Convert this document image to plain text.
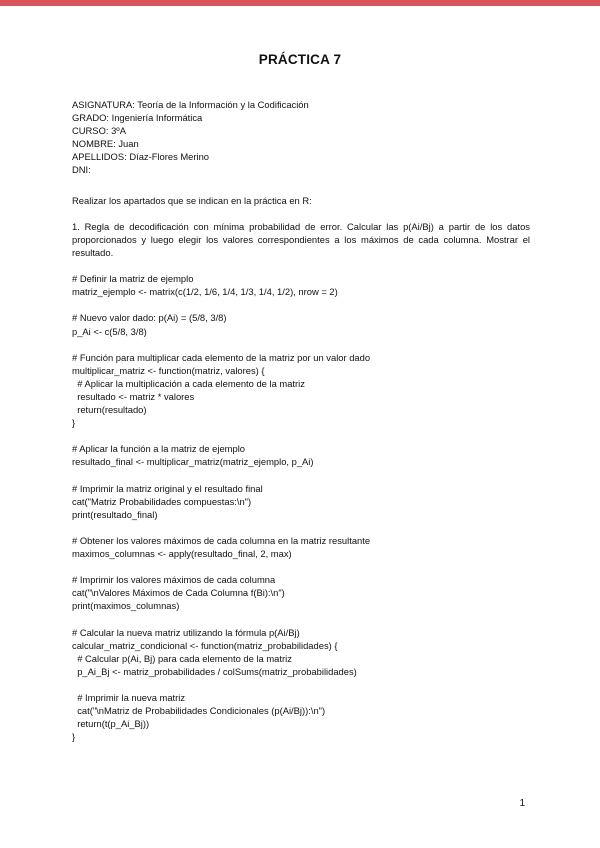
PRÁCTICA 7

ASIGNATURA: Teoría de la Información y la Codificación

GRADO: Ingeniería Informática

CURSO: 3ºA

NOMBRE: Juan

APELLIDOS: Díaz-Flores Merino

DNI:

Realizar los apartados que se indican en la práctica en R:

1. Regla de decodificación con mínima probabilidad de error. Calcular las p(Ai/Bj) a partir de los datos proporcionados y luego elegir los valores correspondientes a los máximos de cada columna. Mostrar el resultado.

# Definir la matriz de ejemplo

matriz_ejemplo <- matrix(c(1/2, 1/6, 1/4, 1/3, 1/4, 1/2), nrow = 2)

# Nuevo valor dado: p(Ai) = (5/8, 3/8)

p_Ai <- c(5/8, 3/8)

# Función para multiplicar cada elemento de la matriz por un valor dado

multiplicar_matriz <- function(matriz, valores) {

# Aplicar la multiplicación a cada elemento de la matriz

resultado <- matriz * valores

return(resultado)

}

# Aplicar la función a la matriz de ejemplo

resultado_final <- multiplicar_matriz(matriz_ejemplo, p_Ai)

# Imprimir la matriz original y el resultado final

cat("Matriz Probabilidades compuestas:\n")

print(resultado_final)

# Obtener los valores máximos de cada columna en la matriz resultante

maximos_columnas <- apply(resultado_final, 2, max)

# Imprimir los valores máximos de cada columna

cat("\nValores Máximos de Cada Columna f(Bi):\n")

print(maximos_columnas)

# Calcular la nueva matriz utilizando la fórmula p(Ai/Bj)

calcular_matriz_condicional <- function(matriz_probabilidades) {

# Calcular p(Ai, Bj) para cada elemento de la matriz

p_Ai_Bj <- matriz_probabilidades / colSums(matriz_probabilidades)

# Imprimir la nueva matriz

cat("\nMatriz de Probabilidades Condicionales (p(Ai/Bj)):\n")

return(t(p_Ai_Bj))

}

1
